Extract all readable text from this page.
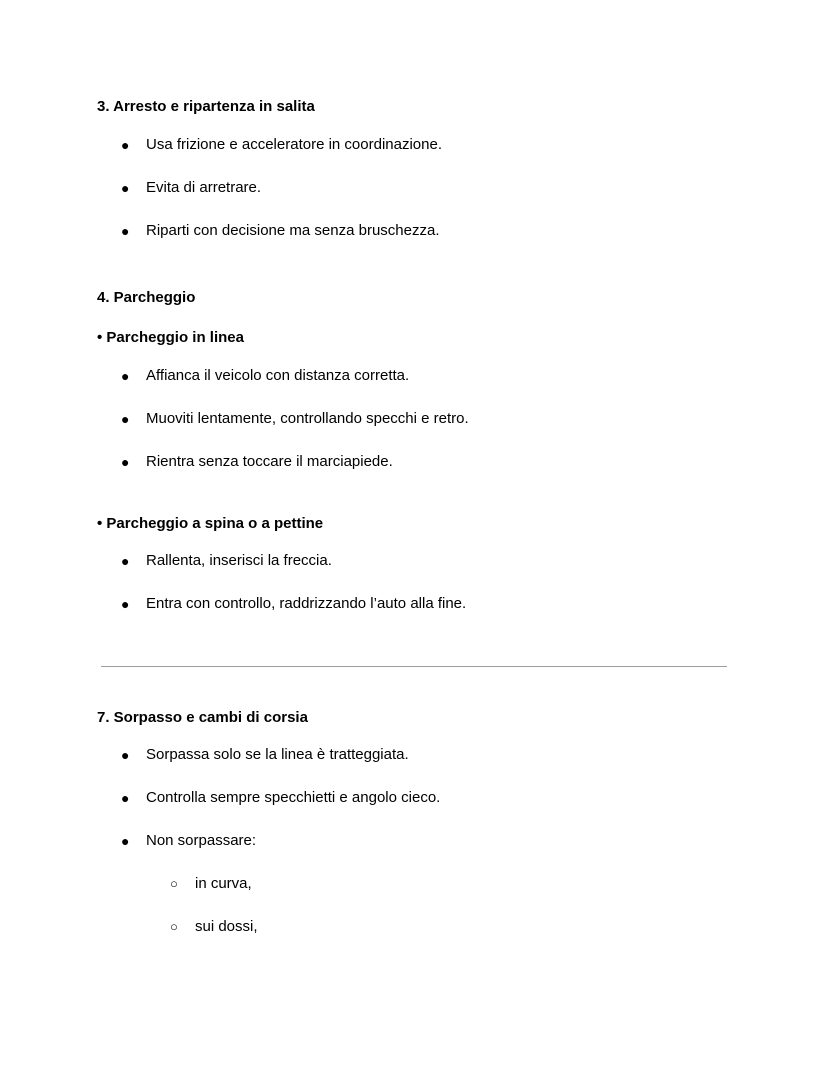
3. Arresto e ripartenza in salita
● Usa frizione e acceleratore in coordinazione.
● Evita di arretrare.
● Riparti con decisione ma senza bruschezza.
4. Parcheggio
• Parcheggio in linea
● Affianca il veicolo con distanza corretta.
● Muoviti lentamente, controllando specchi e retro.
● Rientra senza toccare il marciapiede.
• Parcheggio a spina o a pettine
● Rallenta, inserisci la freccia.
● Entra con controllo, raddrizzando l’auto alla fine.
7. Sorpasso e cambi di corsia
● Sorpassa solo se la linea è tratteggiata.
● Controlla sempre specchietti e angolo cieco.
● Non sorpassare:
○ in curva,
○ sui dossi,
